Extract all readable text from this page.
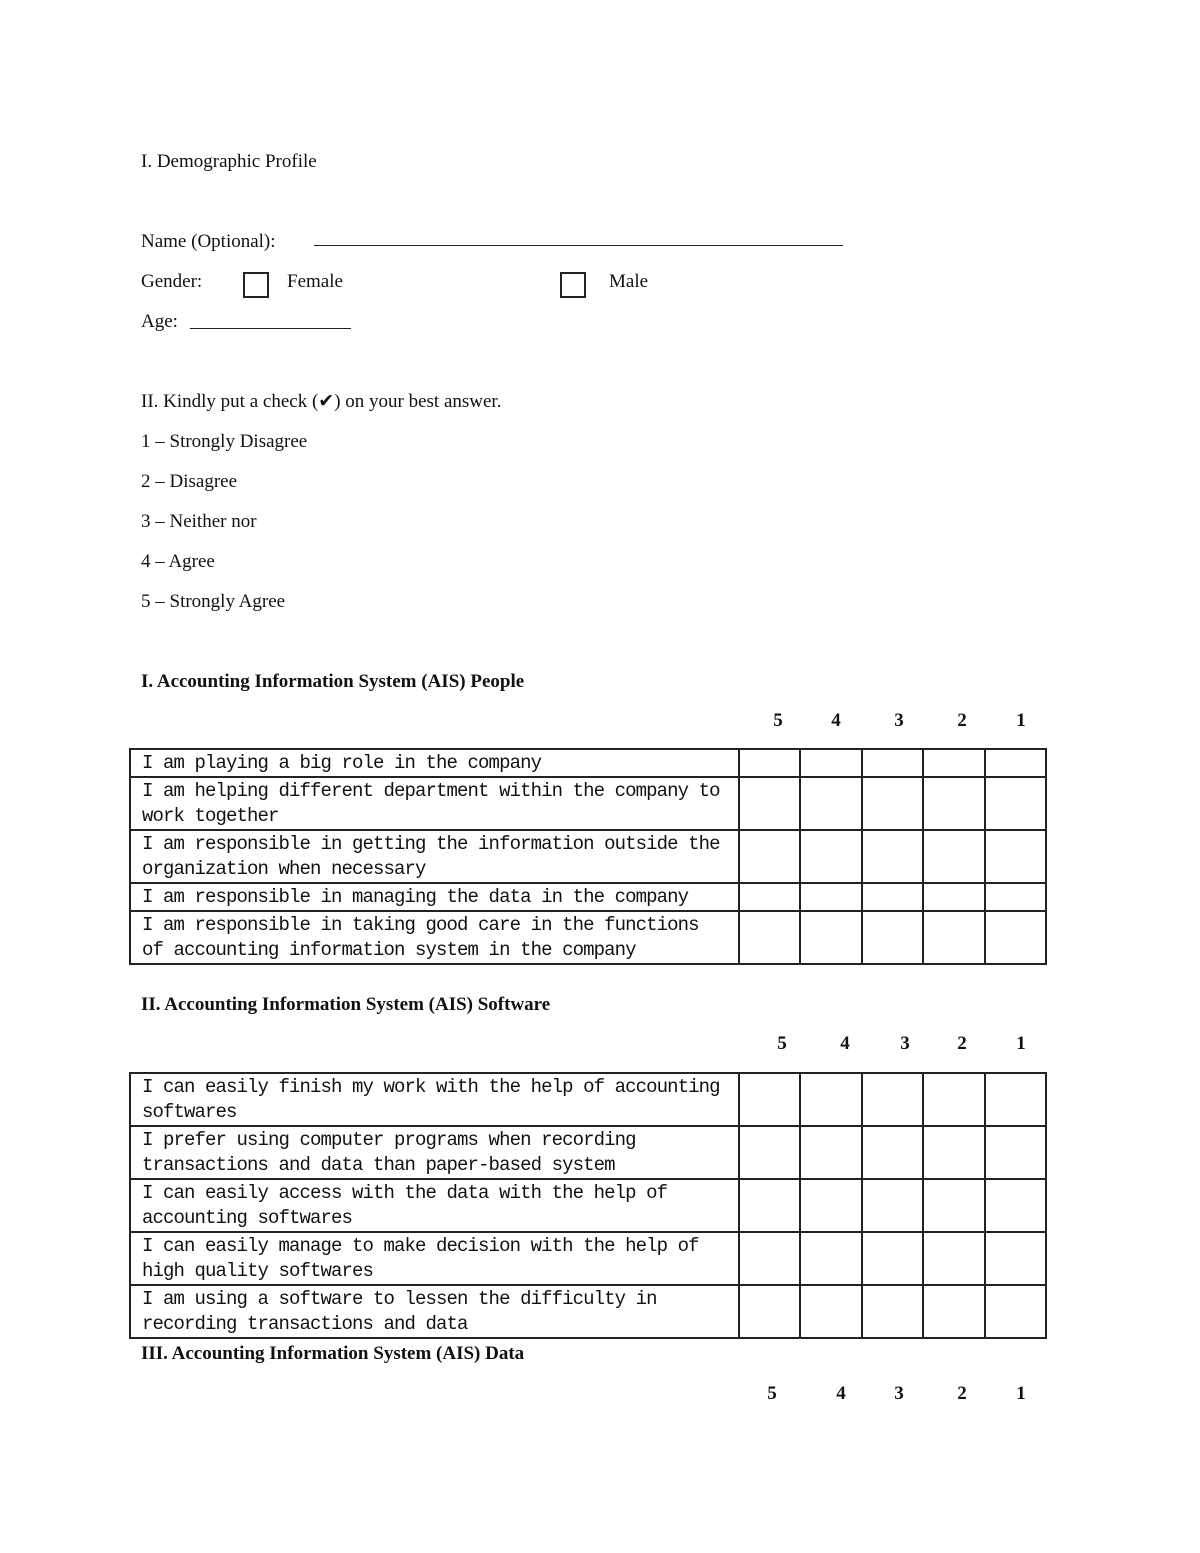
I. Demographic Profile
Name (Optional):
Gender:	Female	Male
Age:
II. Kindly put a check (✔) on your best answer.
1 – Strongly Disagree
2 – Disagree
3 – Neither nor
4 – Agree
5 – Strongly Agree
I. Accounting Information System (AIS) People
5	4	3	2	1
I am playing a big role in the company					
I am helping different department within the company to work together					
I am responsible in getting the information outside the organization when necessary					
I am responsible in managing the data in the company					
I am responsible in taking good care in the functions of accounting information system in the company					
II. Accounting Information System (AIS) Software
5	4	3	2	1
I can easily finish my work with the help of accounting softwares					
I prefer using computer programs when recording transactions and data than paper-based system					
I can easily access with the data with the help of accounting softwares					
I can easily manage to make decision with the help of high quality softwares					
I am using a software to lessen the difficulty in recording transactions and data					
III. Accounting Information System (AIS) Data
5	4	3	2	1
